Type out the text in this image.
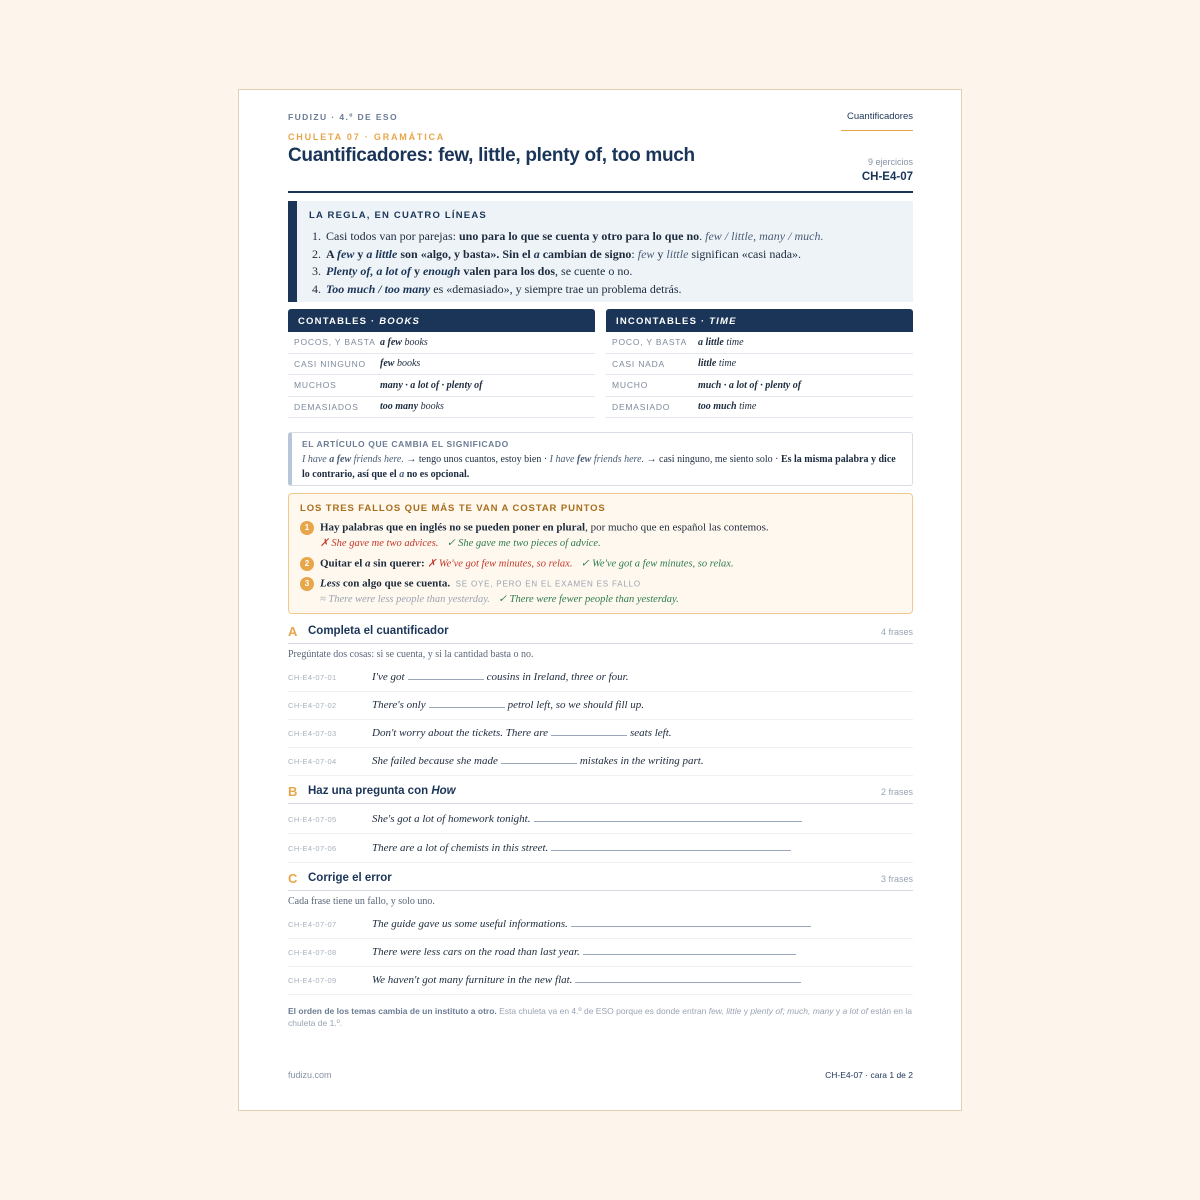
FUDIZU · 4.º DE ESO	Cuantificadores
CHULETA 07 · GRAMÁTICA
Cuantificadores: few, little, plenty of, too much	9 ejercicios
CH-E4-07
LA REGLA, EN CUATRO LÍNEAS
1. Casi todos van por parejas: uno para lo que se cuenta y otro para lo que no. few / little, many / much.
2. A few y a little son «algo, y basta». Sin el a cambian de signo: few y little significan «casi nada».
3. Plenty of, a lot of y enough valen para los dos, se cuente o no.
4. Too much / too many es «demasiado», y siempre trae un problema detrás.
CONTABLES · BOOKS
POCOS, Y BASTA a few books
CASI NINGUNO	few books
MUCHOS	many · a lot of · plenty of
DEMASIADOS	too many books
INCONTABLES · TIME
POCO, Y BASTA	a little time
CASI NADA	little time
MUCHO	much · a lot of · plenty of
DEMASIADO	too much time
EL ARTÍCULO QUE CAMBIA EL SIGNIFICADO
I have a few friends here. → tengo unos cuantos, estoy bien · I have few friends here. → casi ninguno, me siento solo · Es la misma palabra y dice lo contrario, así que el a no es opcional.
LOS TRES FALLOS QUE MÁS TE VAN A COSTAR PUNTOS
1 Hay palabras que en inglés no se pueden poner en plural, por mucho que en español las contemos.
✗ She gave me two advices. ✓ She gave me two pieces of advice.
2 Quitar el a sin querer: ✗ We've got few minutes, so relax. ✓ We've got a few minutes, so relax.
3 Less con algo que se cuenta. SE OYE, PERO EN EL EXAMEN ES FALLO
≈ There were less people than yesterday. ✓ There were fewer people than yesterday.
A Completa el cuantificador	4 frases
Pregúntate dos cosas: si se cuenta, y si la cantidad basta o no.
CH-E4-07-01	I've got	cousins in Ireland, three or four.
CH-E4-07-02	There's only	petrol left, so we should fill up.
CH-E4-07-03	Don't worry about the tickets. There are	seats left.
CH-E4-07-04	She failed because she made	mistakes in the writing part.
B Haz una pregunta con How	2 frases
CH-E4-07-05	She's got a lot of homework tonight.
CH-E4-07-06	There are a lot of chemists in this street.
C Corrige el error	3 frases
Cada frase tiene un fallo, y solo uno.
CH-E4-07-07	The guide gave us some useful informations.
CH-E4-07-08	There were less cars on the road than last year.
CH-E4-07-09	We haven't got many furniture in the new flat.
El orden de los temas cambia de un instituto a otro. Esta chuleta va en 4.º de ESO porque es donde entran few, little y plenty of; much, many y a lot of están en la chuleta de 1.º.
fudizu.com	CH-E4-07 · cara 1 de 2
